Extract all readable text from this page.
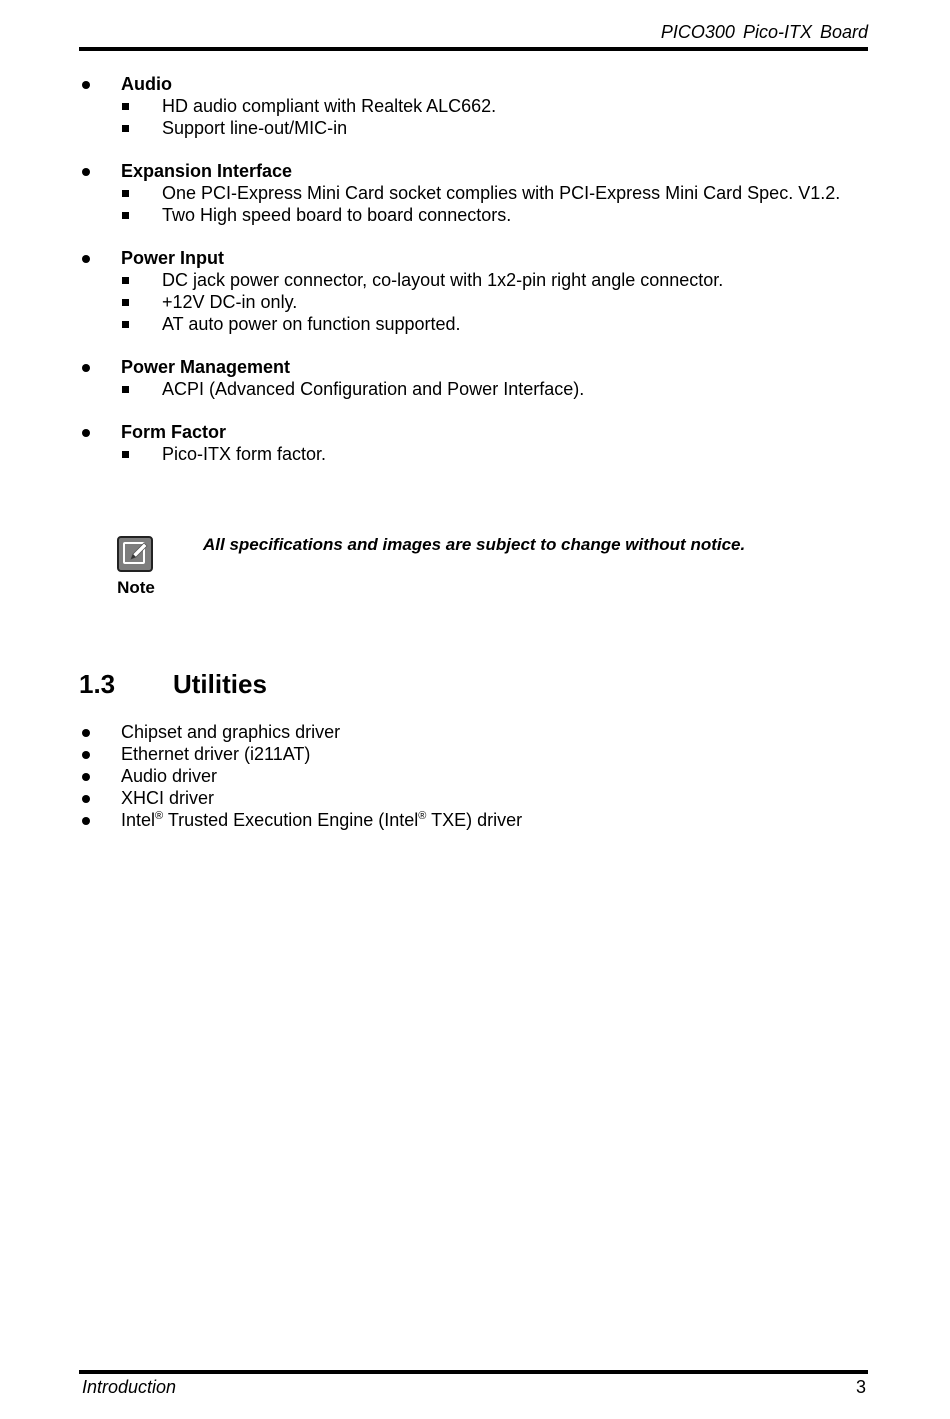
PICO300 Pico-ITX Board
Audio
HD audio compliant with Realtek ALC662.
Support line-out/MIC-in
Expansion Interface
One PCI-Express Mini Card socket complies with PCI-Express Mini Card Spec. V1.2.
Two High speed board to board connectors.
Power Input
DC jack power connector, co-layout with 1x2-pin right angle connector.
+12V DC-in only.
AT auto power on function supported.
Power Management
ACPI (Advanced Configuration and Power Interface).
Form Factor
Pico-ITX form factor.
Note
All specifications and images are subject to change without notice.
1.3 Utilities
Chipset and graphics driver
Ethernet driver (i211AT)
Audio driver
XHCI driver
Intel® Trusted Execution Engine (Intel® TXE) driver
Introduction	3
